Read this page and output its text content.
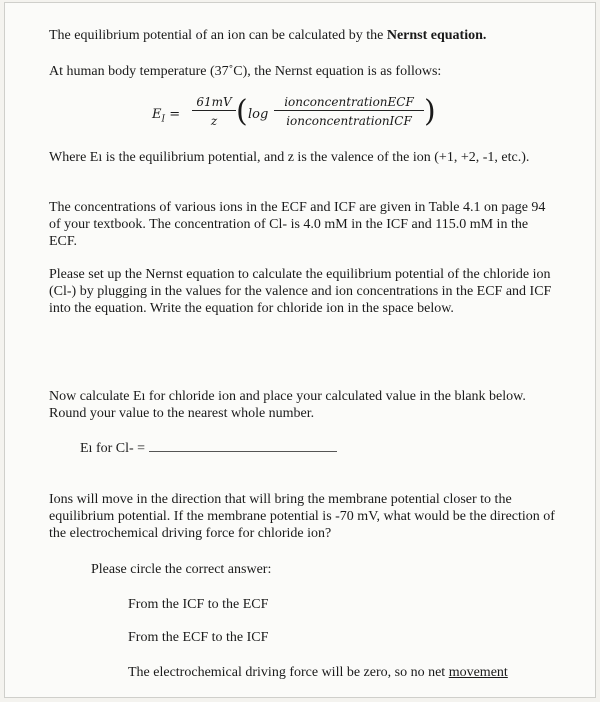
The equilibrium potential of an ion can be calculated by the Nernst equation.

At human body temperature (37˚C), the Nernst equation is as follows:

$E_I = \frac{61mV}{z}$ ( log
ionconcentrationECF
ionconcentrationICF )

Where Eı is the equilibrium potential, and z is the valence of the ion (+1, +2, -1, etc.).

The concentrations of various ions in the ECF and ICF are given in Table 4.1 on page 94 of your textbook. The concentration of Cl- is 4.0 mM in the ICF and 115.0 mM in the ECF.

Please set up the Nernst equation to calculate the equilibrium potential of the chloride ion (Cl-) by plugging in the values for the valence and ion concentrations in the ECF and ICF into the equation. Write the equation for chloride ion in the space below.

Now calculate Eı for chloride ion and place your calculated value in the blank below. Round your value to the nearest whole number.

Eı for Cl- =

Ions will move in the direction that will bring the membrane potential closer to the equilibrium potential. If the membrane potential is -70 mV, what would be the direction of the electrochemical driving force for chloride ion?

Please circle the correct answer:

From the ICF to the ECF
From the ECF to the ICF
The electrochemical driving force will be zero, so no net movement
